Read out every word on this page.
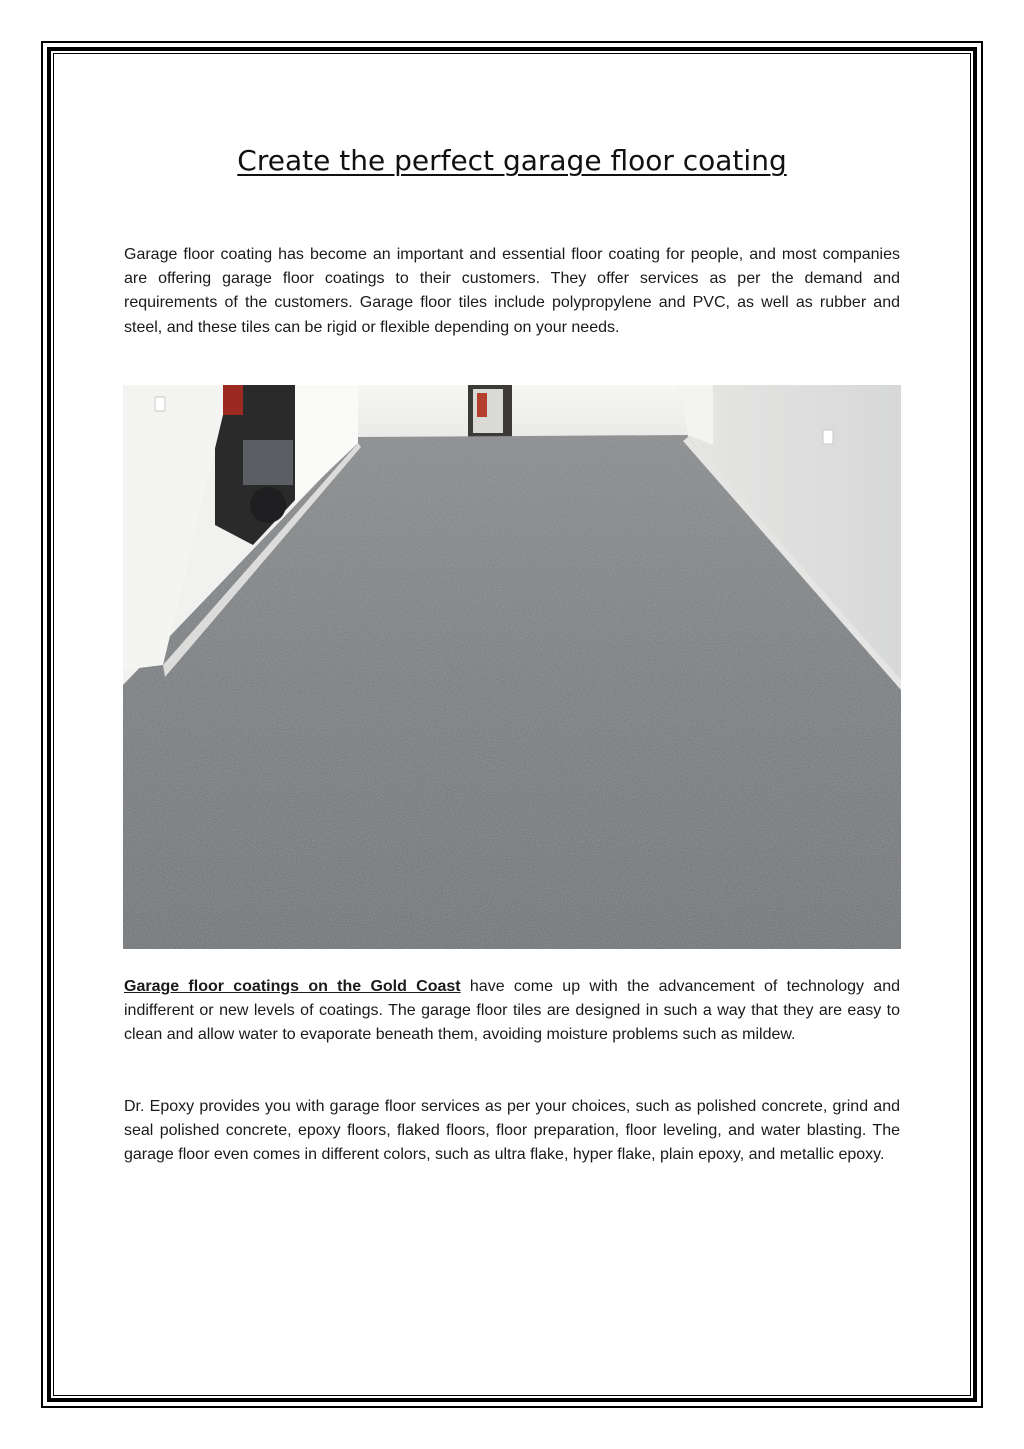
Create the perfect garage floor coating

Garage floor coating has become an important and essential floor coating for people, and most companies are offering garage floor coatings to their customers. They offer services as per the demand and requirements of the customers. Garage floor tiles include polypropylene and PVC, as well as rubber and steel, and these tiles can be rigid or flexible depending on your needs.

Garage floor coatings on the Gold Coast have come up with the advancement of technology and indifferent or new levels of coatings. The garage floor tiles are designed in such a way that they are easy to clean and allow water to evaporate beneath them, avoiding moisture problems such as mildew.

Dr. Epoxy provides you with garage floor services as per your choices, such as polished concrete, grind and seal polished concrete, epoxy floors, flaked floors, floor preparation, floor leveling, and water blasting. The garage floor even comes in different colors, such as ultra flake, hyper flake, plain epoxy, and metallic epoxy.
